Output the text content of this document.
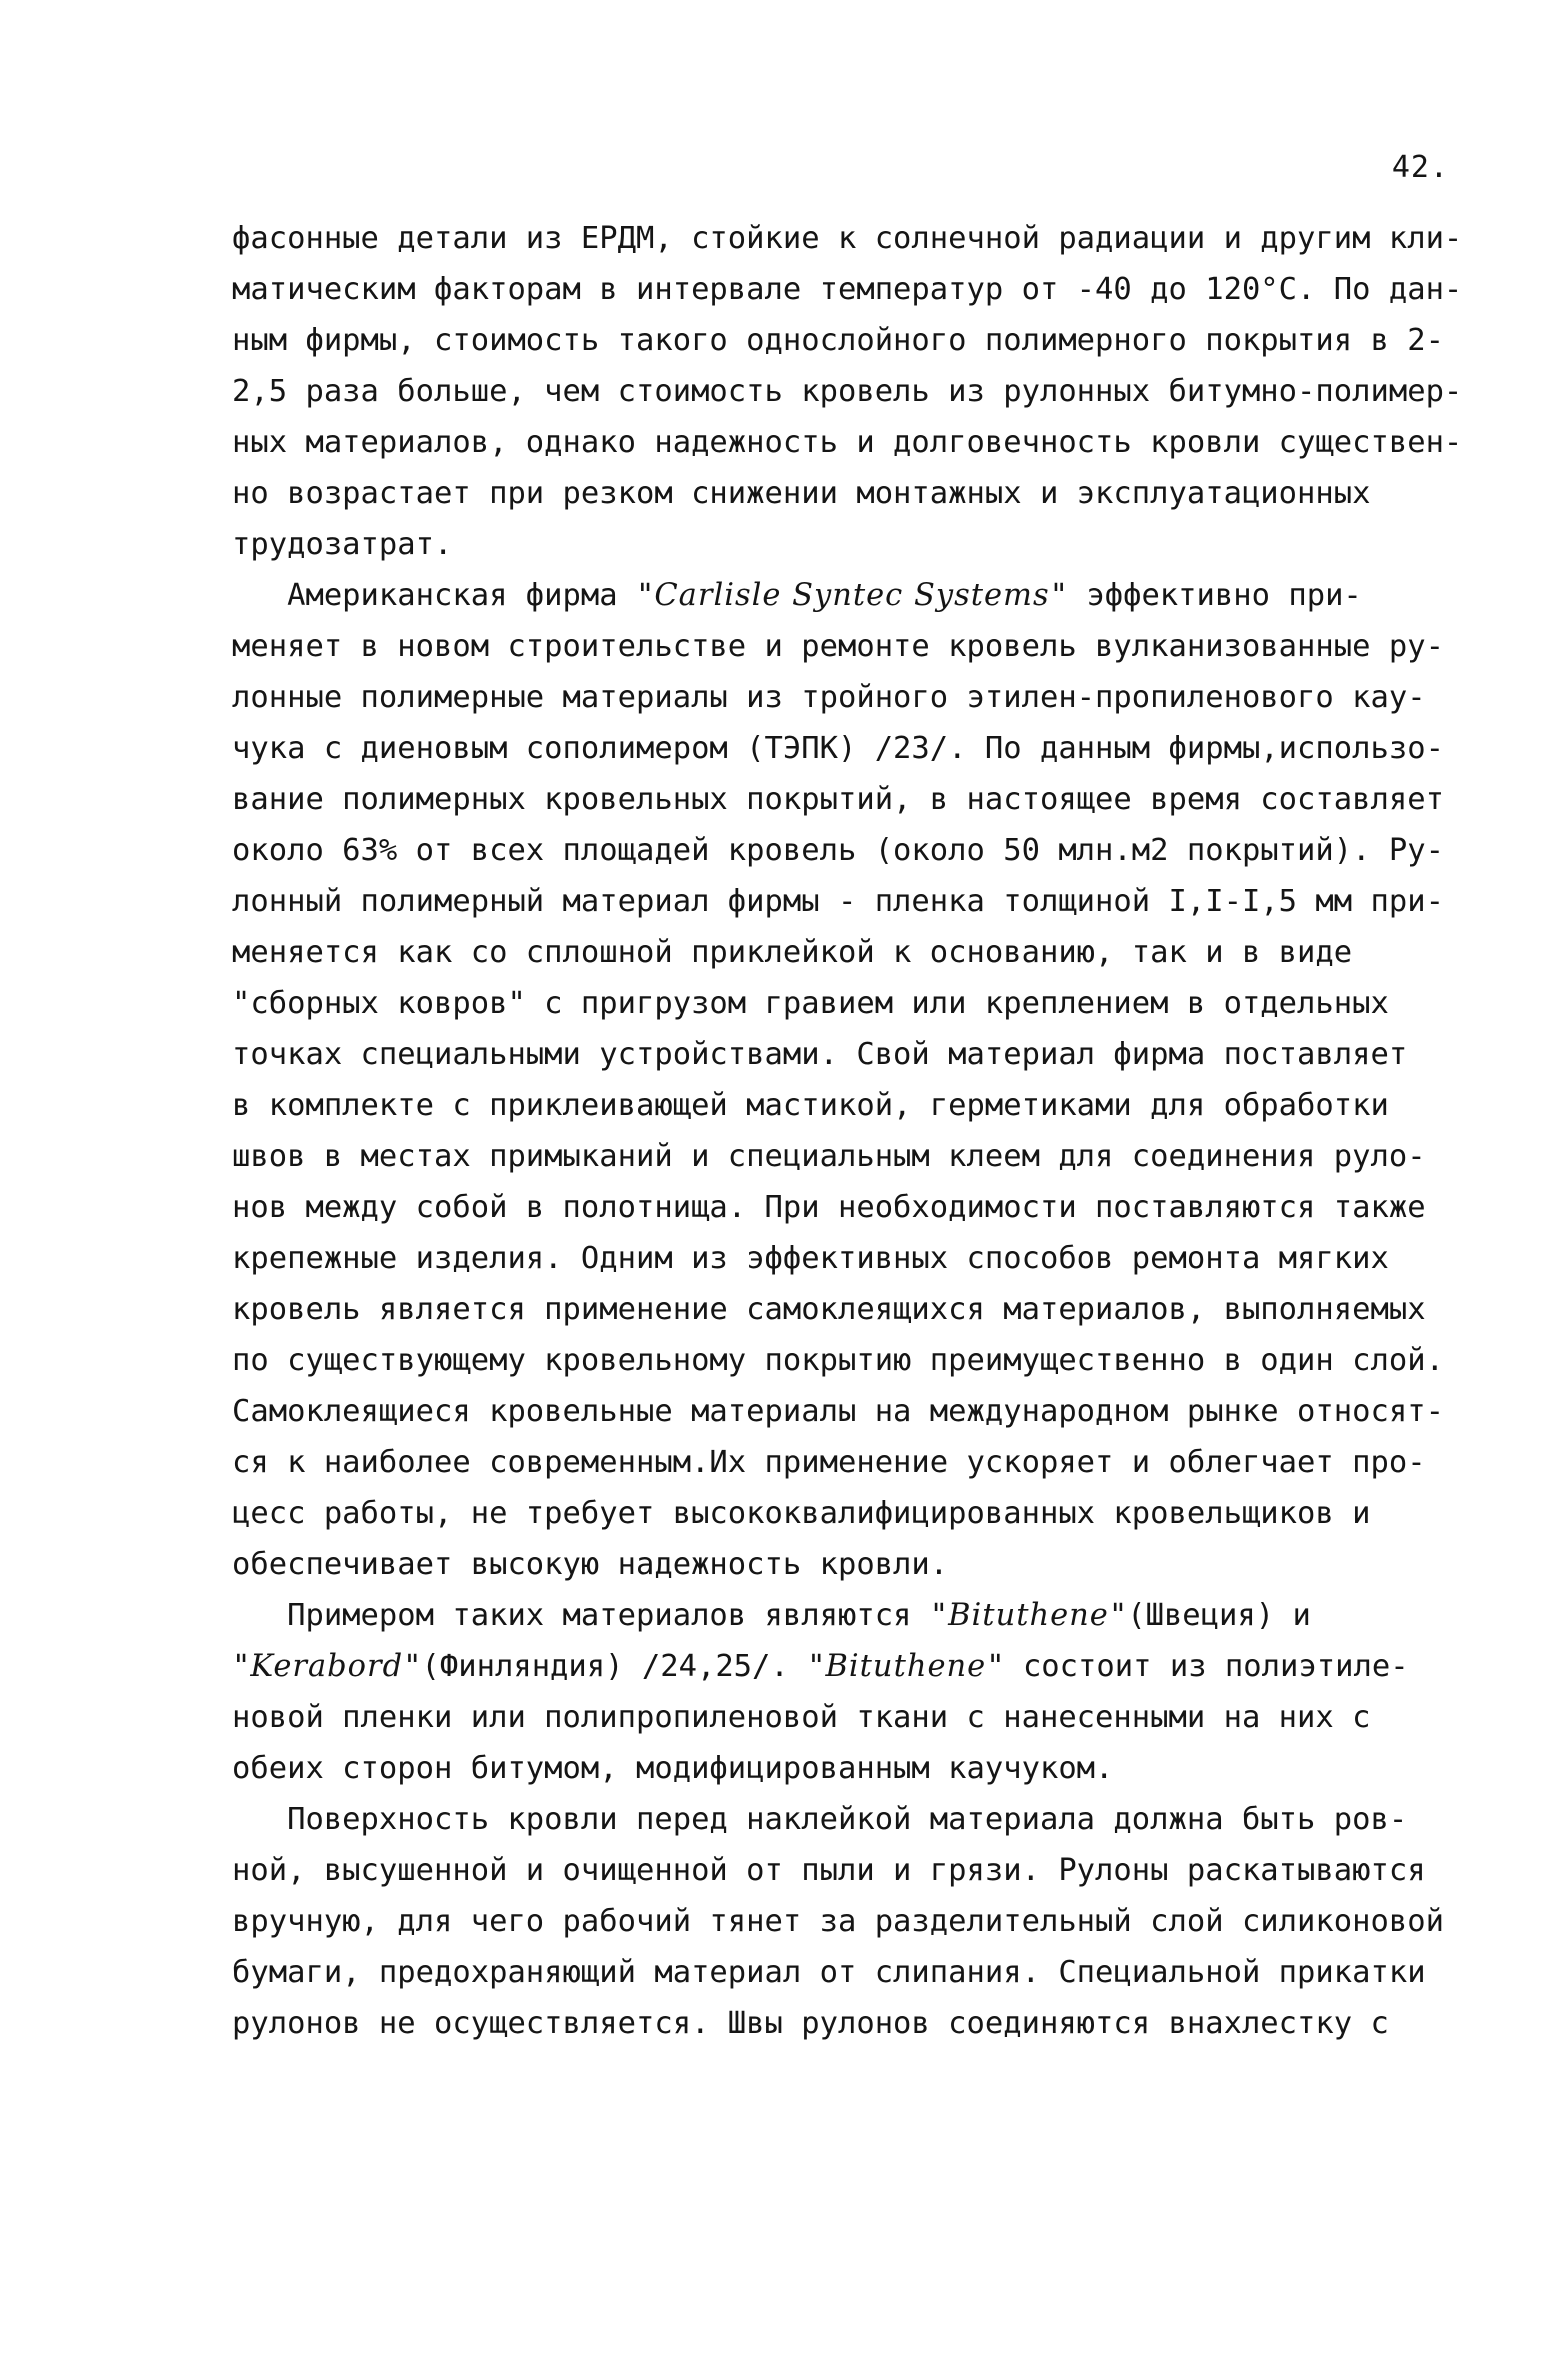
42.
фасонные детали из EPДM, стойкие к солнечной радиации и другим кли-
матическим факторам в интервале температур от -40 до 120°С. По дан-
ным фирмы, стоимость такого однослойного полимерного покрытия в 2-
2,5 раза больше, чем стоимость кровель из рулонных битумно-полимер-
ных материалов, однако надежность и долговечность кровли существен-
но возрастает при резком снижении монтажных и эксплуатационных
трудозатрат.
Американская фирма "Carlisle Syntec Systems" эффективно при-
меняет в новом строительстве и ремонте кровель вулканизованные ру-
лонные полимерные материалы из тройного этилен-пропиленового кау-
чука с диеновым сополимером (ТЭПК) /23/. По данным фирмы,использо-
вание полимерных кровельных покрытий, в настоящее время составляет
около 63% от всех площадей кровель (около 50 млн.м2 покрытий). Ру-
лонный полимерный материал фирмы - пленка толщиной I,I-I,5 мм при-
меняется как со сплошной приклейкой к основанию, так и в виде
"сборных ковров" с пригрузом гравием или креплением в отдельных
точках специальными устройствами. Свой материал фирма поставляет
в комплекте с приклеивающей мастикой, герметиками для обработки
швов в местах примыканий и специальным клеем для соединения руло-
нов между собой в полотнища. При необходимости поставляются также
крепежные изделия. Одним из эффективных способов ремонта мягких
кровель является применение самоклеящихся материалов, выполняемых
по существующему кровельному покрытию преимущественно в один слой.
Самоклеящиеся кровельные материалы на международном рынке относят-
ся к наиболее современным.Их применение ускоряет и облегчает про-
цесс работы, не требует высококвалифицированных кровельщиков и
обеспечивает высокую надежность кровли.
Примером таких материалов являются "Bituthene"(Швеция) и
"Kerabord"(Финляндия) /24,25/. "Bituthene" состоит из полиэтиле-
новой пленки или полипропиленовой ткани с нанесенными на них с
обеих сторон битумом, модифицированным каучуком.
Поверхность кровли перед наклейкой материала должна быть ров-
ной, высушенной и очищенной от пыли и грязи. Рулоны раскатываются
вручную, для чего рабочий тянет за разделительный слой силиконовой
бумаги, предохраняющий материал от слипания. Специальной прикатки
рулонов не осуществляется. Швы рулонов соединяются внахлестку с
